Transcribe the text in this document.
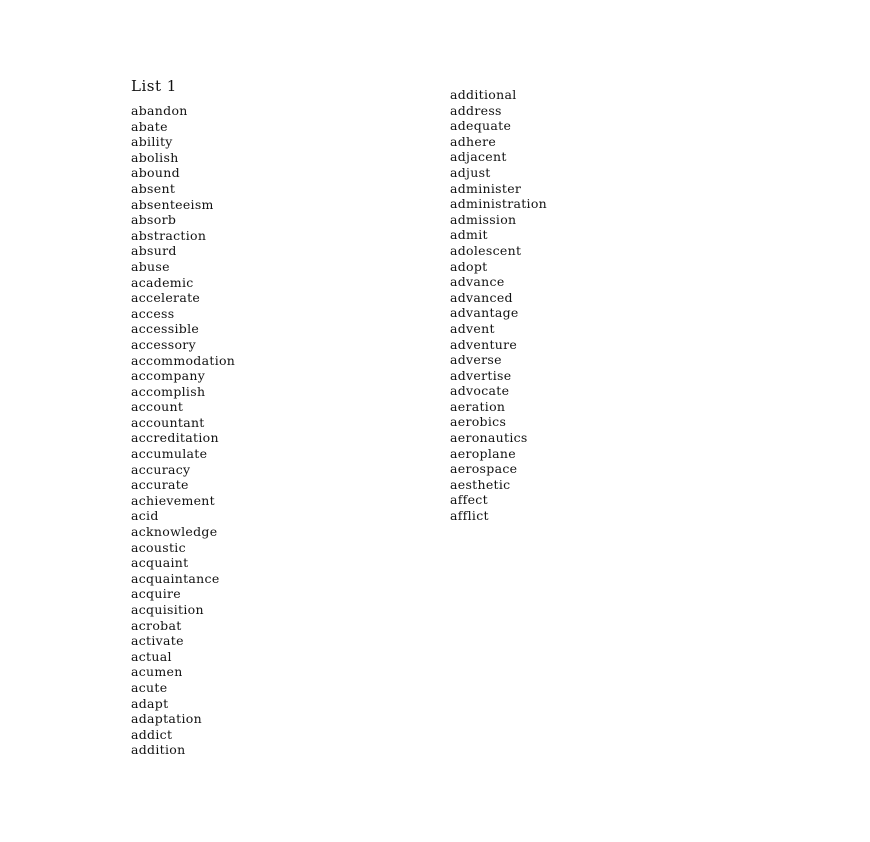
List 1
abandon
abate
ability
abolish
abound
absent
absenteeism
absorb
abstraction
absurd
abuse
academic
accelerate
access
accessible
accessory
accommodation
accompany
accomplish
account
accountant
accreditation
accumulate
accuracy
accurate
achievement
acid
acknowledge
acoustic
acquaint
acquaintance
acquire
acquisition
acrobat
activate
actual
acumen
acute
adapt
adaptation
addict
addition
additional
address
adequate
adhere
adjacent
adjust
administer
administration
admission
admit
adolescent
adopt
advance
advanced
advantage
advent
adventure
adverse
advertise
advocate
aeration
aerobics
aeronautics
aeroplane
aerospace
aesthetic
affect
afflict
